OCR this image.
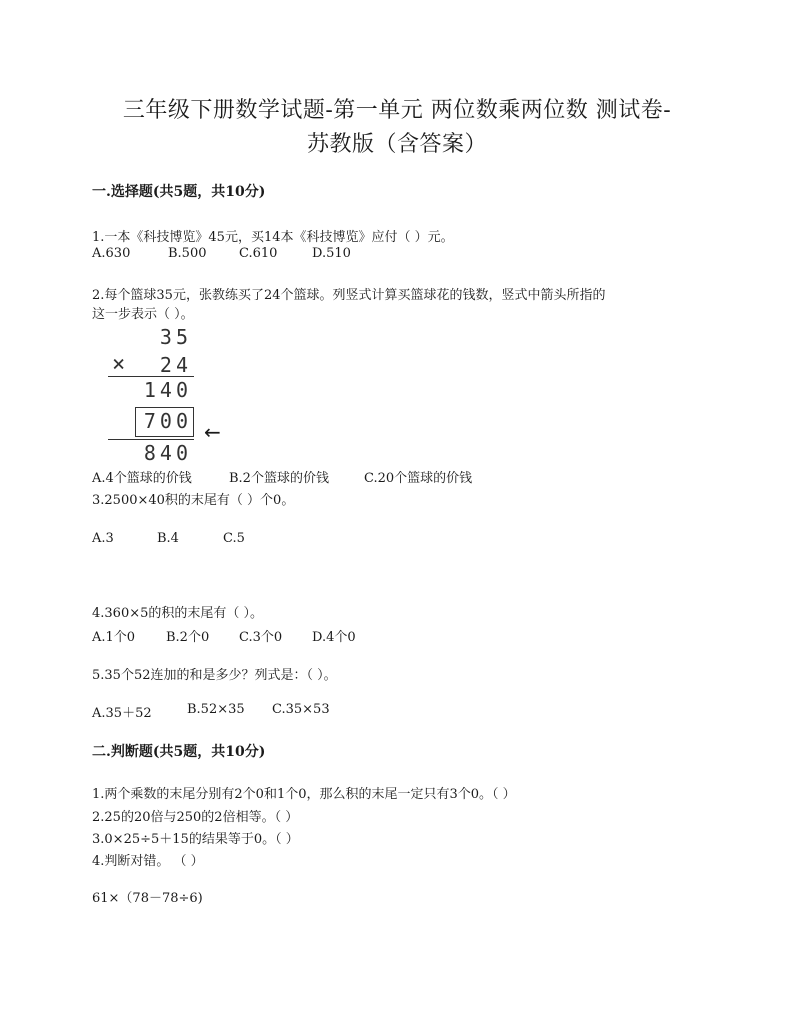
三年级下册数学试题-第一单元 两位数乘两位数 测试卷-
苏教版（含答案）
一.选择题(共5题，共10分)
1.一本《科技博览》45元，买14本《科技博览》应付（ ）元。
A.630	B.500	C.610	D.510
2.每个篮球35元，张教练买了24个篮球。列竖式计算买篮球花的钱数，竖式中箭头所指的
这一步表示（ ）。
35
×	24
140
700
840
←
A.4个篮球的价钱	B.2个篮球的价钱	C.20个篮球的价钱
3.2500×40积的末尾有（ ）个0。
A.3	B.4	C.5
4.360×5的积的末尾有（ ）。
A.1个0	B.2个0	C.3个0	D.4个0
5.35个52连加的和是多少？列式是：（ ）。
A.35＋52	B.52×35	C.35×53
二.判断题(共5题，共10分)
1.两个乘数的末尾分别有2个0和1个0，那么积的末尾一定只有3个0。（ ）
2.25的20倍与250的2倍相等。（ ）
3.0×25÷5＋15的结果等于0。（ ）
4.判断对错。 （ ）
61×（78－78÷6)
